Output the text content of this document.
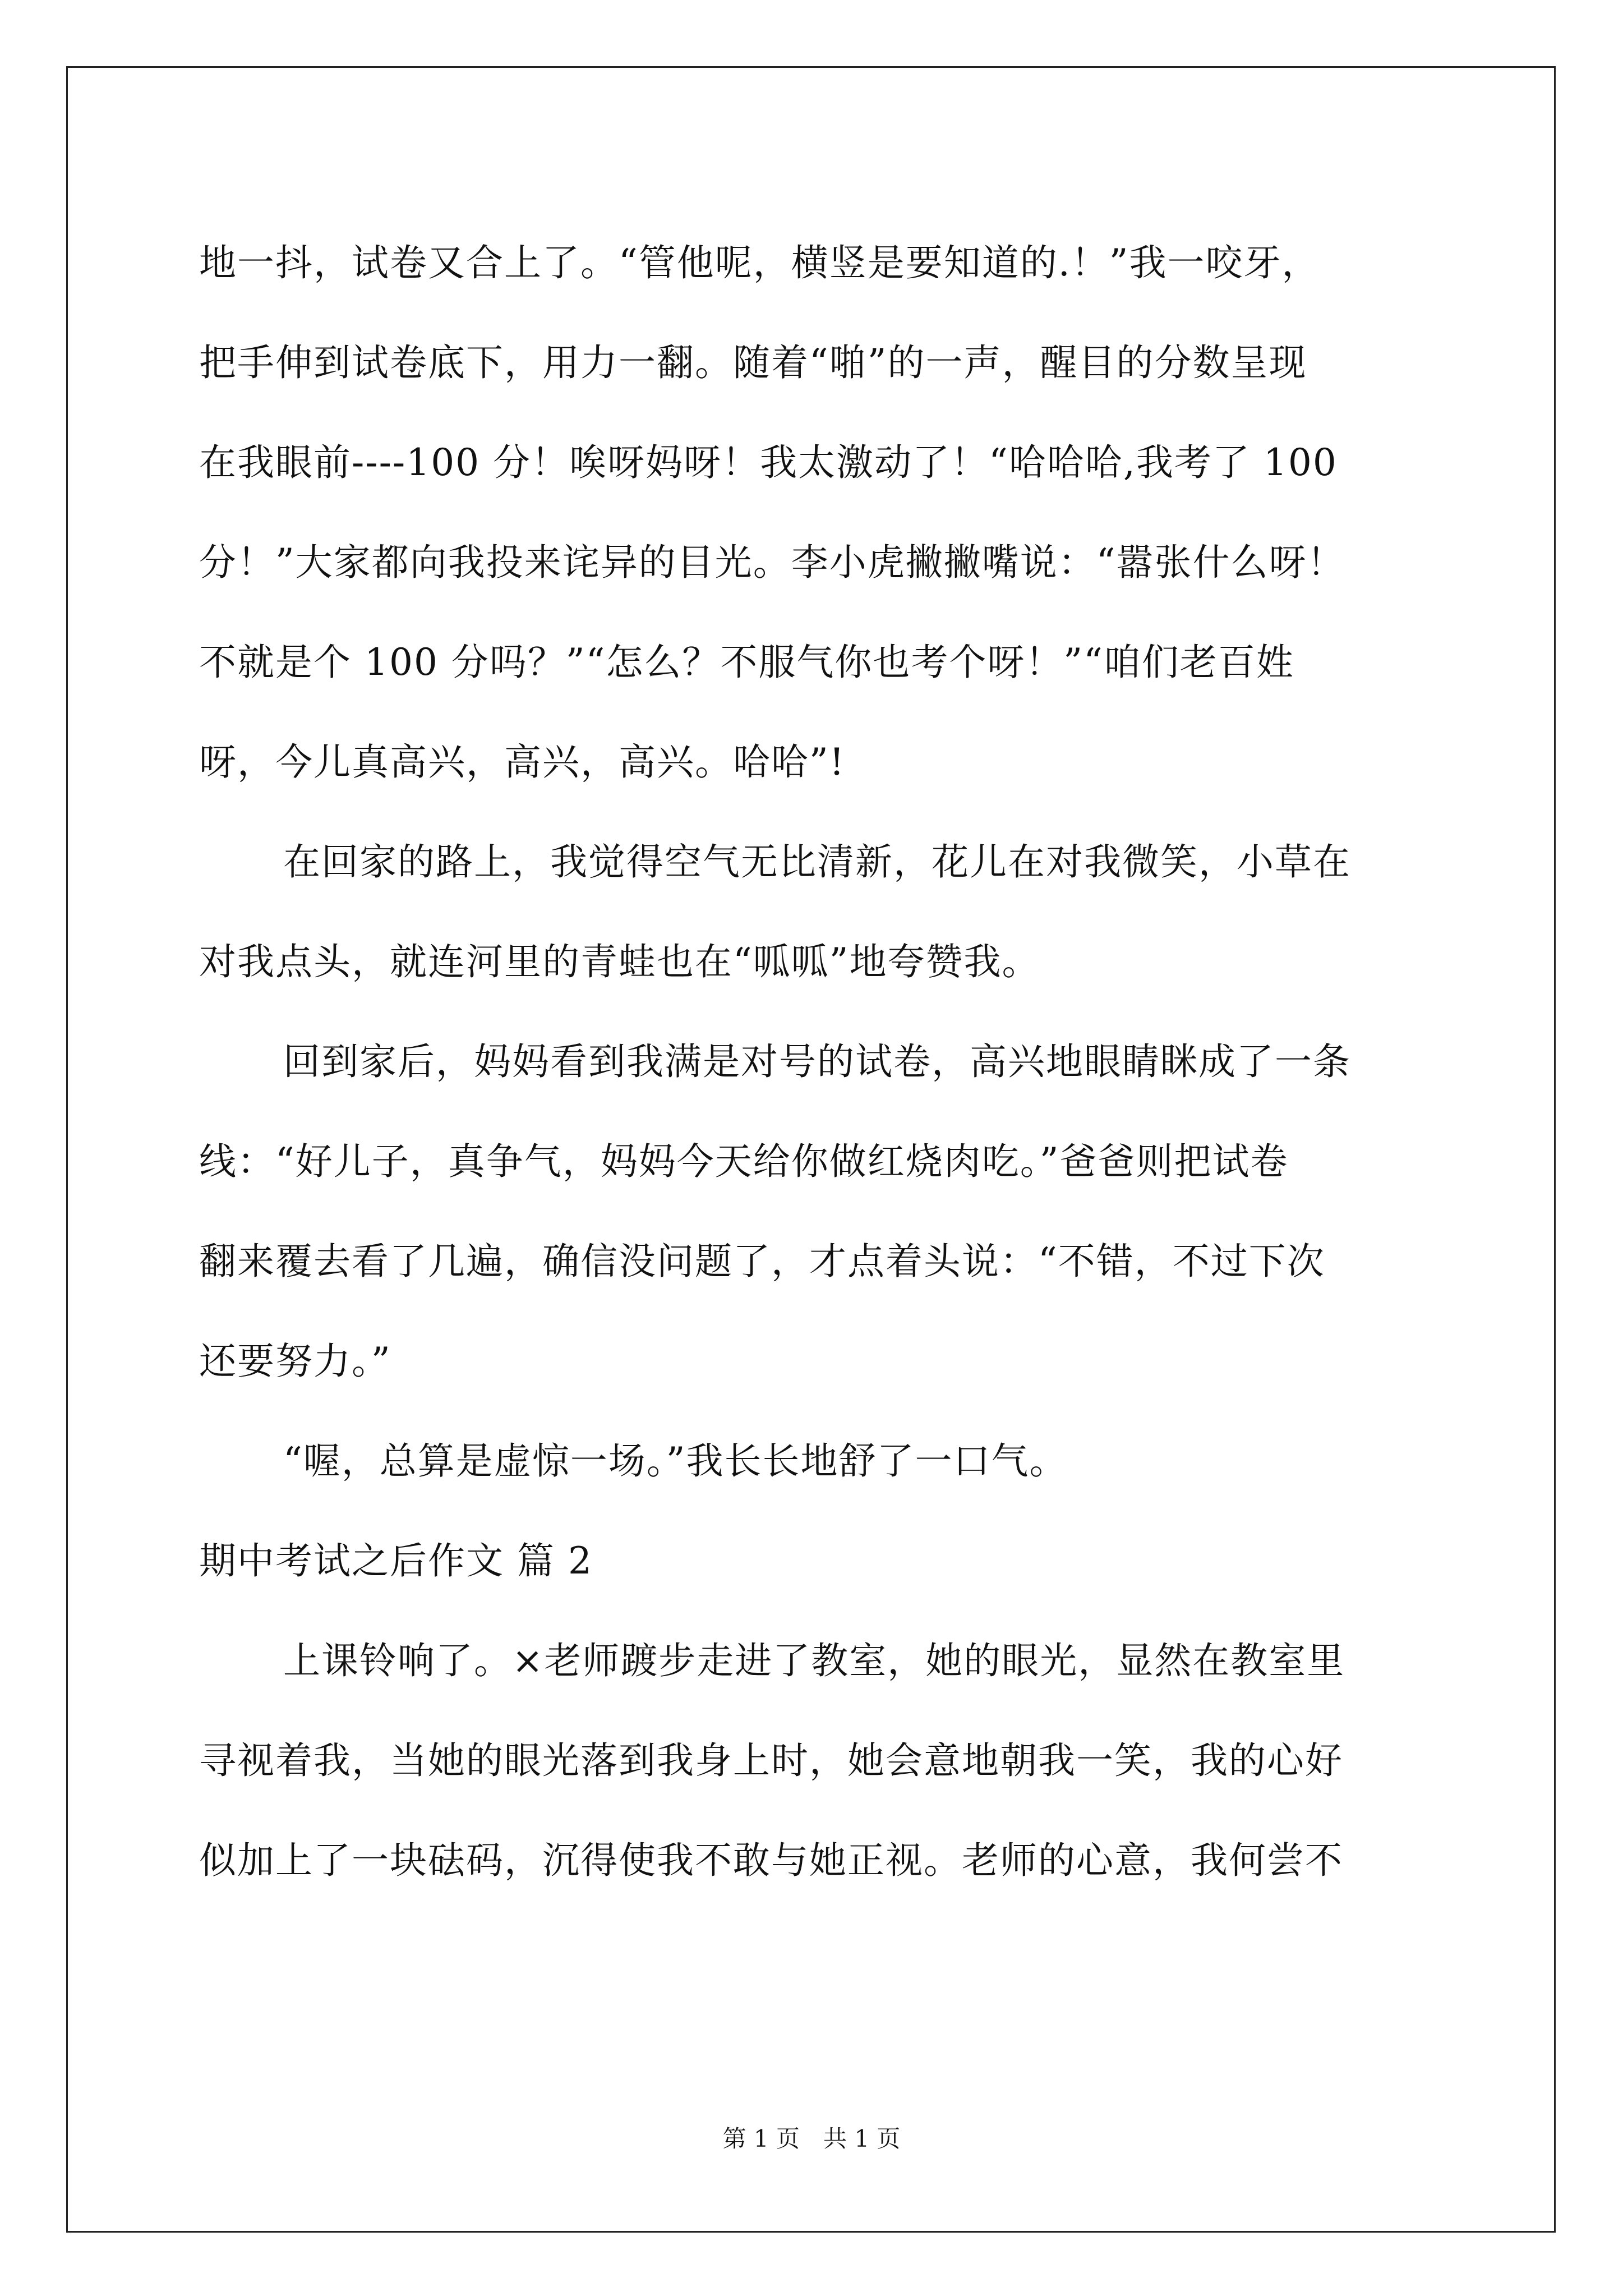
地一抖，试卷又合上了。“管他呢，横竖是要知道的.！”我一咬牙，
把手伸到试卷底下，用力一翻。随着“啪”的一声，醒目的分数呈现
在我眼前----100 分！唉呀妈呀！我太激动了！“哈哈哈,我考了 100
分！”大家都向我投来诧异的目光。李小虎撇撇嘴说：“嚣张什么呀！
不就是个 100 分吗？”“怎么？不服气你也考个呀！”“咱们老百姓
呀，今儿真高兴，高兴，高兴。哈哈”!
在回家的路上，我觉得空气无比清新，花儿在对我微笑，小草在
对我点头，就连河里的青蛙也在“呱呱”地夸赞我。
回到家后，妈妈看到我满是对号的试卷，高兴地眼睛眯成了一条
线：“好儿子，真争气，妈妈今天给你做红烧肉吃。”爸爸则把试卷
翻来覆去看了几遍，确信没问题了，才点着头说：“不错，不过下次
还要努力。”
“喔，总算是虚惊一场。”我长长地舒了一口气。
期中考试之后作文 篇 2
上课铃响了。×老师踱步走进了教室，她的眼光，显然在教室里
寻视着我，当她的眼光落到我身上时，她会意地朝我一笑，我的心好
似加上了一块砝码，沉得使我不敢与她正视。老师的心意，我何尝不
第 1 页　共 1 页
